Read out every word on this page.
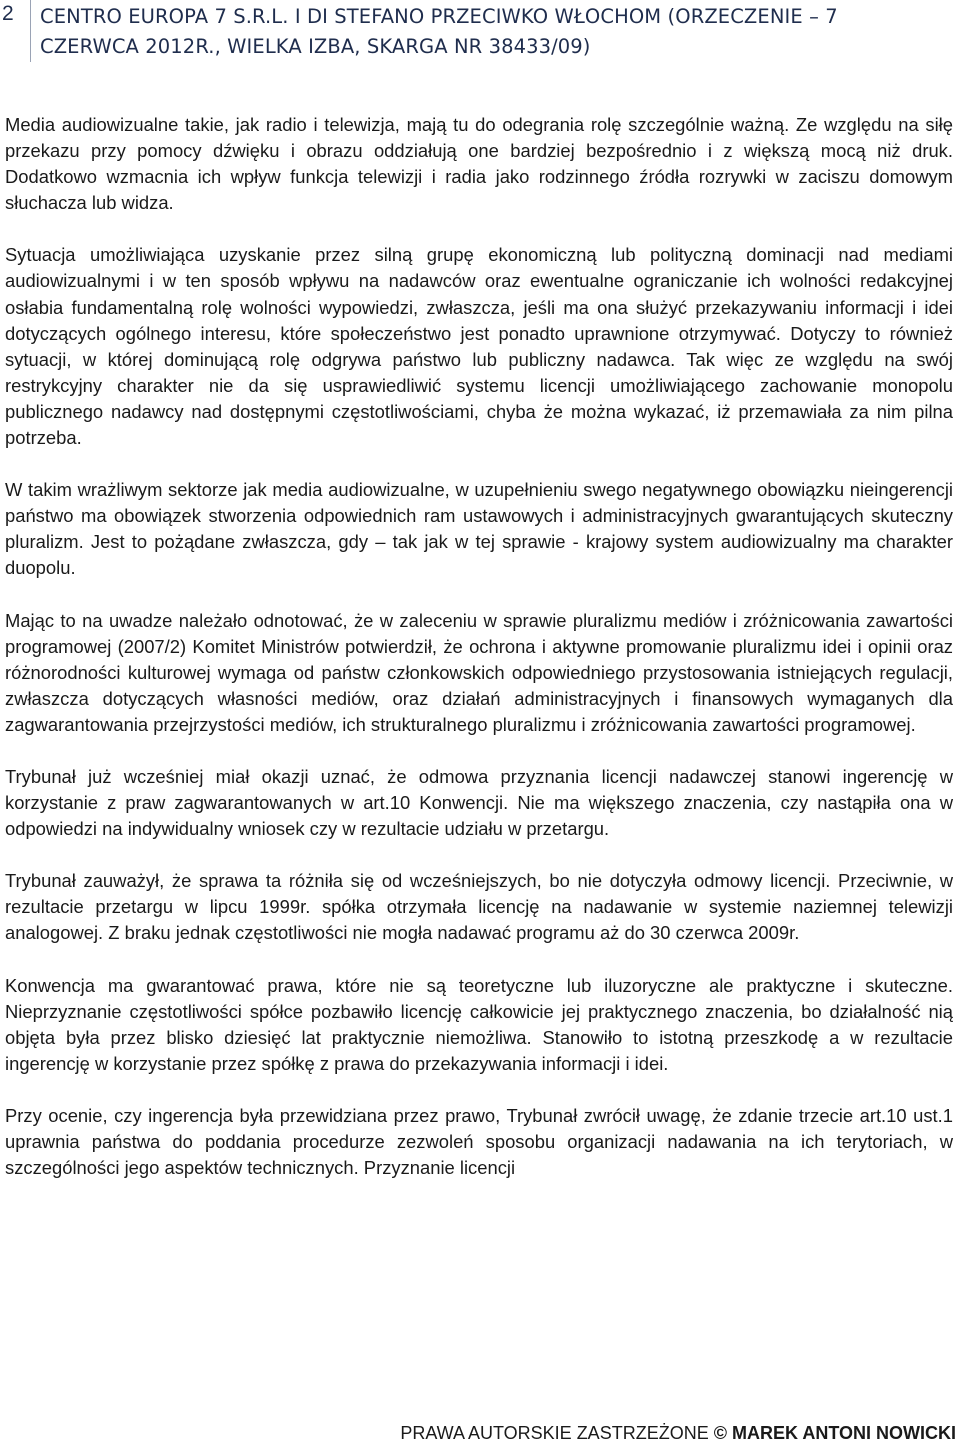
2	CENTRO EUROPA 7 S.R.L. I DI STEFANO PRZECIWKO WŁOCHOM (ORZECZENIE – 7 CZERWCA 2012R., WIELKA IZBA, SKARGA NR 38433/09)

Media audiowizualne takie, jak radio i telewizja, mają tu do odegrania rolę szczególnie ważną. Ze względu na siłę przekazu przy pomocy dźwięku i obrazu oddziałują one bardziej bezpośrednio i z większą mocą niż druk. Dodatkowo wzmacnia ich wpływ funkcja telewizji i radia jako rodzinnego źródła rozrywki w zaciszu domowym słuchacza lub widza.

Sytuacja umożliwiająca uzyskanie przez silną grupę ekonomiczną lub polityczną dominacji nad mediami audiowizualnymi i w ten sposób wpływu na nadawców oraz ewentualne ograniczanie ich wolności redakcyjnej osłabia fundamentalną rolę wolności wypowiedzi, zwłaszcza, jeśli ma ona służyć przekazywaniu informacji i idei dotyczących ogólnego interesu, które społeczeństwo jest ponadto uprawnione otrzymywać. Dotyczy to również sytuacji, w której dominującą rolę odgrywa państwo lub publiczny nadawca. Tak więc ze względu na swój restrykcyjny charakter nie da się usprawiedliwić systemu licencji umożliwiającego zachowanie monopolu publicznego nadawcy nad dostępnymi częstotliwościami, chyba że można wykazać, iż przemawiała za nim pilna potrzeba.

W takim wrażliwym sektorze jak media audiowizualne, w uzupełnieniu swego negatywnego obowiązku nieingerencji państwo ma obowiązek stworzenia odpowiednich ram ustawowych i administracyjnych gwarantujących skuteczny pluralizm. Jest to pożądane zwłaszcza, gdy – tak jak w tej sprawie - krajowy system audiowizualny ma charakter duopolu.

Mając to na uwadze należało odnotować, że w zaleceniu w sprawie pluralizmu mediów i zróżnicowania zawartości programowej (2007/2) Komitet Ministrów potwierdził, że ochrona i aktywne promowanie pluralizmu idei i opinii oraz różnorodności kulturowej wymaga od państw członkowskich odpowiedniego przystosowania istniejących regulacji, zwłaszcza dotyczących własności mediów, oraz działań administracyjnych i finansowych wymaganych dla zagwarantowania przejrzystości mediów, ich strukturalnego pluralizmu i zróżnicowania zawartości programowej.

Trybunał już wcześniej miał okazji uznać, że odmowa przyznania licencji nadawczej stanowi ingerencję w korzystanie z praw zagwarantowanych w art.10 Konwencji. Nie ma większego znaczenia, czy nastąpiła ona w odpowiedzi na indywidualny wniosek czy w rezultacie udziału w przetargu.

Trybunał zauważył, że sprawa ta różniła się od wcześniejszych, bo nie dotyczyła odmowy licencji. Przeciwnie, w rezultacie przetargu w lipcu 1999r. spółka otrzymała licencję na nadawanie w systemie naziemnej telewizji analogowej. Z braku jednak częstotliwości nie mogła nadawać programu aż do 30 czerwca 2009r.

Konwencja ma gwarantować prawa, które nie są teoretyczne lub iluzoryczne ale praktyczne i skuteczne. Nieprzyznanie częstotliwości spółce pozbawiło licencję całkowicie jej praktycznego znaczenia, bo działalność nią objęta była przez blisko dziesięć lat praktycznie niemożliwa. Stanowiło to istotną przeszkodę a w rezultacie ingerencję w korzystanie przez spółkę z prawa do przekazywania informacji i idei.

Przy ocenie, czy ingerencja była przewidziana przez prawo, Trybunał zwrócił uwagę, że zdanie trzecie art.10 ust.1 uprawnia państwa do poddania procedurze zezwoleń sposobu organizacji nadawania na ich terytoriach, w szczególności jego aspektów technicznych. Przyznanie licencji

PRAWA AUTORSKIE ZASTRZEŻONE © MAREK ANTONI NOWICKI
